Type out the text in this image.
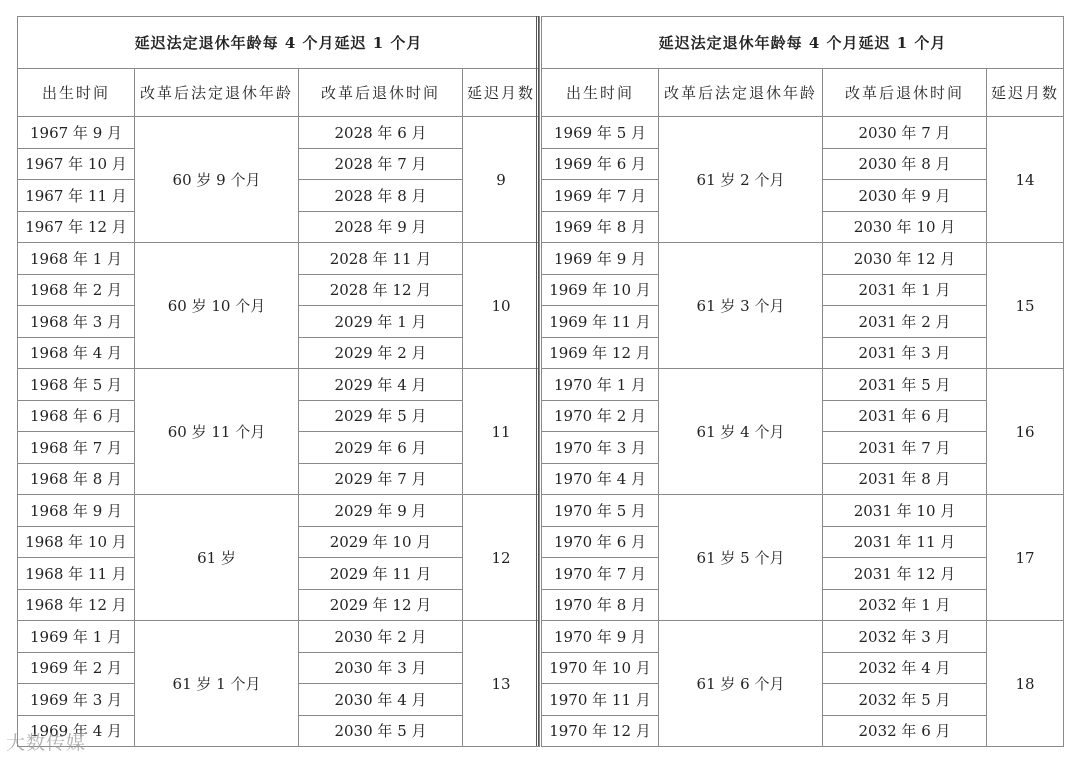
延迟法定退休年龄每 4 个月延迟 1 个月			
出生时间	改革后法定退休年龄	改革后退休时间	延迟月数
1967 年 9 月	60 岁 9 个月	2028 年 6 月	9
1967 年 10 月		2028 年 7 月	
1967 年 11 月		2028 年 8 月	
1967 年 12 月		2028 年 9 月	
1968 年 1 月	60 岁 10 个月	2028 年 11 月	10
1968 年 2 月		2028 年 12 月	
1968 年 3 月		2029 年 1 月	
1968 年 4 月		2029 年 2 月	
1968 年 5 月	60 岁 11 个月	2029 年 4 月	11
1968 年 6 月		2029 年 5 月	
1968 年 7 月		2029 年 6 月	
1968 年 8 月		2029 年 7 月	
1968 年 9 月	61 岁	2029 年 9 月	12
1968 年 10 月		2029 年 10 月	
1968 年 11 月		2029 年 11 月	
1968 年 12 月		2029 年 12 月	
1969 年 1 月	61 岁 1 个月	2030 年 2 月	13
1969 年 2 月		2030 年 3 月	
1969 年 3 月		2030 年 4 月	
1969 年 4 月		2030 年 5 月	
延迟法定退休年龄每 4 个月延迟 1 个月			
出生时间	改革后法定退休年龄	改革后退休时间	延迟月数
1969 年 5 月	61 岁 2 个月	2030 年 7 月	14
1969 年 6 月		2030 年 8 月	
1969 年 7 月		2030 年 9 月	
1969 年 8 月		2030 年 10 月	
1969 年 9 月	61 岁 3 个月	2030 年 12 月	15
1969 年 10 月		2031 年 1 月	
1969 年 11 月		2031 年 2 月	
1969 年 12 月		2031 年 3 月	
1970 年 1 月	61 岁 4 个月	2031 年 5 月	16
1970 年 2 月		2031 年 6 月	
1970 年 3 月		2031 年 7 月	
1970 年 4 月		2031 年 8 月	
1970 年 5 月	61 岁 5 个月	2031 年 10 月	17
1970 年 6 月		2031 年 11 月	
1970 年 7 月		2031 年 12 月	
1970 年 8 月		2032 年 1 月	
1970 年 9 月	61 岁 6 个月	2032 年 3 月	18
1970 年 10 月		2032 年 4 月	
1970 年 11 月		2032 年 5 月	
1970 年 12 月		2032 年 6 月	
大数传媒
